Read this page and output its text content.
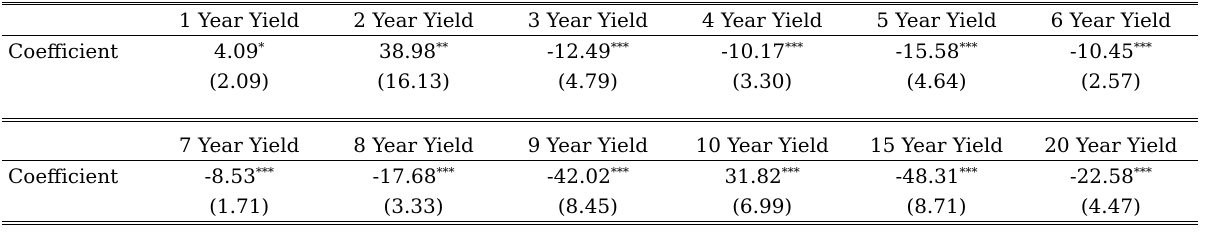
	1 Year Yield	2 Year Yield	3 Year Yield	4 Year Yield	5 Year Yield	6 Year Yield
Coefficient	4.09*	38.98**	-12.49***	-10.17***	-15.58***	-10.45***
	(2.09)	(16.13)	(4.79)	(3.30)	(4.64)	(2.57)

	7 Year Yield	8 Year Yield	9 Year Yield	10 Year Yield	15 Year Yield	20 Year Yield
Coefficient	-8.53***	-17.68***	-42.02***	31.82***	-48.31***	-22.58***
	(1.71)	(3.33)	(8.45)	(6.99)	(8.71)	(4.47)
